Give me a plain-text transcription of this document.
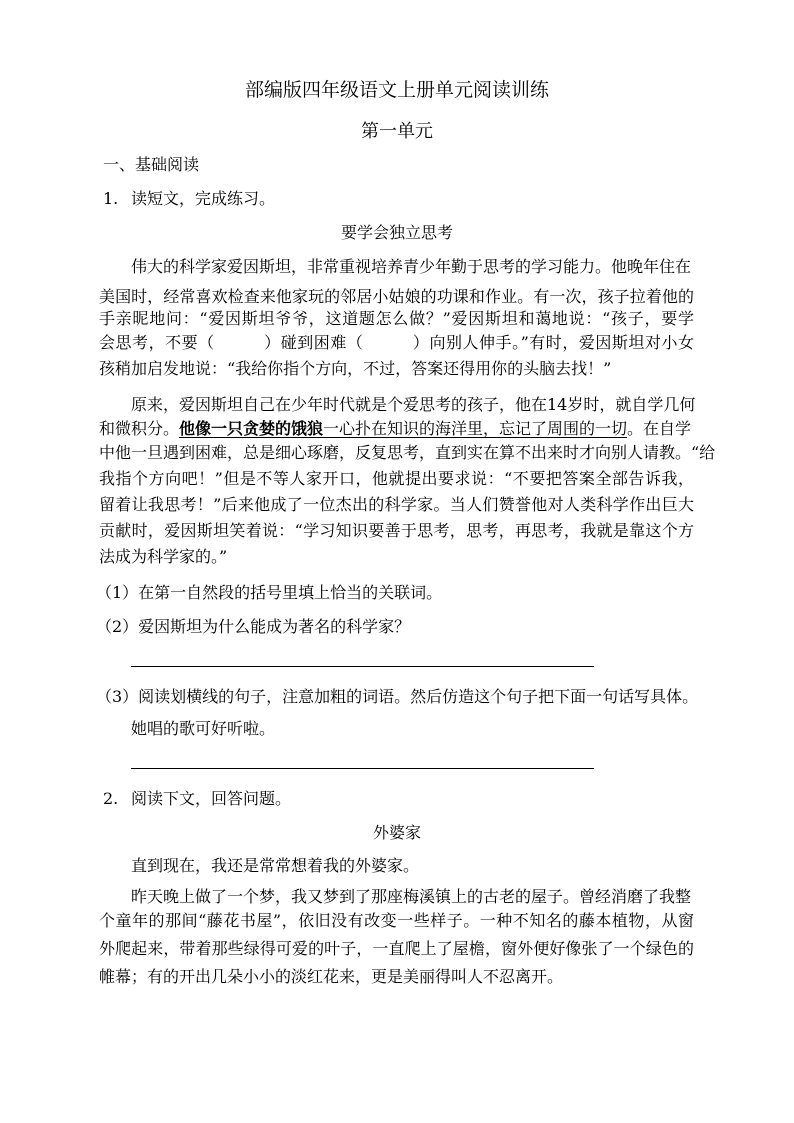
部编版四年级语文上册单元阅读训练

第一单元

一、基础阅读

1. 读短文，完成练习。

要学会独立思考

伟大的科学家爱因斯坦，非常重视培养青少年勤于思考的学习能力。他晚年住在

美国时，经常喜欢检查来他家玩的邻居小姑娘的功课和作业。有一次，孩子拉着他的

手亲昵地问：“爱因斯坦爷爷，这道题怎么做？”爱因斯坦和蔼地说：“孩子，要学

会思考，不要（　　　）碰到困难（　　　）向别人伸手。”有时，爱因斯坦对小女

孩稍加启发地说：“我给你指个方向，不过，答案还得用你的头脑去找！”

原来，爱因斯坦自己在少年时代就是个爱思考的孩子，他在14岁时，就自学几何

和微积分。他像一只贪婪的饿狼一心扑在知识的海洋里，忘记了周围的一切。在自学

中他一旦遇到困难，总是细心琢磨，反复思考，直到实在算不出来时才向别人请教。“给

我指个方向吧！”但是不等人家开口，他就提出要求说：“不要把答案全部告诉我，

留着让我思考！”后来他成了一位杰出的科学家。当人们赞誉他对人类科学作出巨大

贡献时，爱因斯坦笑着说：“学习知识要善于思考，思考，再思考，我就是靠这个方

法成为科学家的。”

（1）在第一自然段的括号里填上恰当的关联词。

（2）爱因斯坦为什么能成为著名的科学家？

（3）阅读划横线的句子，注意加粗的词语。然后仿造这个句子把下面一句话写具体。

她唱的歌可好听啦。

2. 阅读下文，回答问题。

外婆家

直到现在，我还是常常想着我的外婆家。

昨天晚上做了一个梦，我又梦到了那座梅溪镇上的古老的屋子。曾经消磨了我整

个童年的那间“藤花书屋”，依旧没有改变一些样子。一种不知名的藤本植物，从窗

外爬起来，带着那些绿得可爱的叶子，一直爬上了屋檐，窗外便好像张了一个绿色的

帷幕；有的开出几朵小小的淡红花来，更是美丽得叫人不忍离开。
